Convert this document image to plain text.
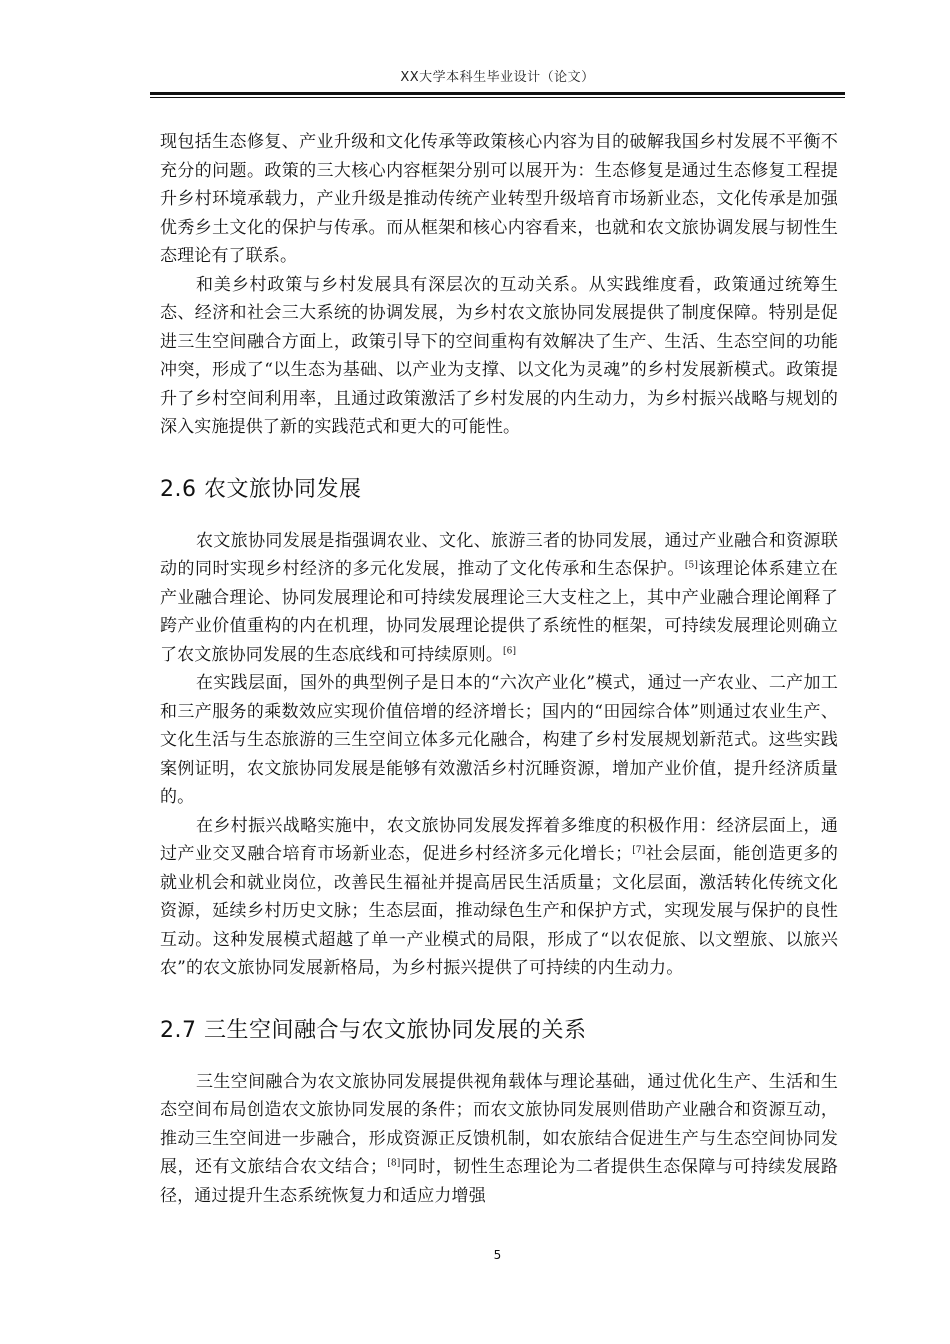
XX大学本科生毕业设计（论文）

现包括生态修复、产业升级和文化传承等政策核心内容为目的破解我国乡村发展不平衡不充分的问题。政策的三大核心内容框架分别可以展开为：生态修复是通过生态修复工程提升乡村环境承载力，产业升级是推动传统产业转型升级培育市场新业态，文化传承是加强优秀乡土文化的保护与传承。而从框架和核心内容看来，也就和农文旅协调发展与韧性生态理论有了联系。

和美乡村政策与乡村发展具有深层次的互动关系。从实践维度看，政策通过统筹生态、经济和社会三大系统的协调发展，为乡村农文旅协同发展提供了制度保障。特别是促进三生空间融合方面上，政策引导下的空间重构有效解决了生产、生活、生态空间的功能冲突，形成了“以生态为基础、以产业为支撑、以文化为灵魂”的乡村发展新模式。政策提升了乡村空间利用率，且通过政策激活了乡村发展的内生动力，为乡村振兴战略与规划的深入实施提供了新的实践范式和更大的可能性。

2.6 农文旅协同发展

农文旅协同发展是指强调农业、文化、旅游三者的协同发展，通过产业融合和资源联动的同时实现乡村经济的多元化发展，推动了文化传承和生态保护。[5]该理论体系建立在产业融合理论、协同发展理论和可持续发展理论三大支柱之上，其中产业融合理论阐释了跨产业价值重构的内在机理，协同发展理论提供了系统性的框架，可持续发展理论则确立了农文旅协同发展的生态底线和可持续原则。[6]

在实践层面，国外的典型例子是日本的“六次产业化”模式，通过一产农业、二产加工和三产服务的乘数效应实现价值倍增的经济增长；国内的“田园综合体”则通过农业生产、文化生活与生态旅游的三生空间立体多元化融合，构建了乡村发展规划新范式。这些实践案例证明，农文旅协同发展是能够有效激活乡村沉睡资源，增加产业价值，提升经济质量的。

在乡村振兴战略实施中，农文旅协同发展发挥着多维度的积极作用：经济层面上，通过产业交叉融合培育市场新业态，促进乡村经济多元化增长；[7]社会层面，能创造更多的就业机会和就业岗位，改善民生福祉并提高居民生活质量；文化层面，激活转化传统文化资源，延续乡村历史文脉；生态层面，推动绿色生产和保护方式，实现发展与保护的良性互动。这种发展模式超越了单一产业模式的局限，形成了“以农促旅、以文塑旅、以旅兴农”的农文旅协同发展新格局，为乡村振兴提供了可持续的内生动力。

2.7 三生空间融合与农文旅协同发展的关系

三生空间融合为农文旅协同发展提供视角载体与理论基础，通过优化生产、生活和生态空间布局创造农文旅协同发展的条件；而农文旅协同发展则借助产业融合和资源互动，推动三生空间进一步融合，形成资源正反馈机制，如农旅结合促进生产与生态空间协同发展，还有文旅结合农文结合；[8]同时，韧性生态理论为二者提供生态保障与可持续发展路径，通过提升生态系统恢复力和适应力增强

5
